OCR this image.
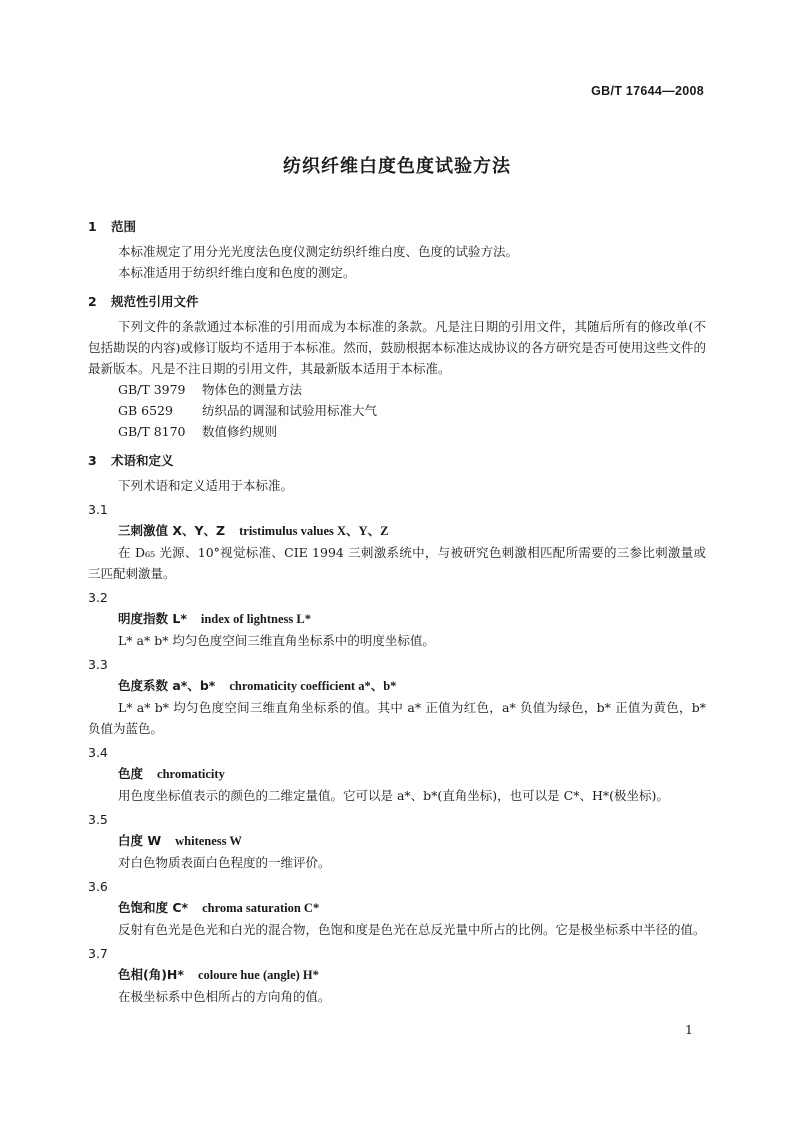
GB/T 17644—2008
纺织纤维白度色度试验方法
1 范围

本标准规定了用分光光度法色度仪测定纺织纤维白度、色度的试验方法。

本标准适用于纺织纤维白度和色度的测定。

2 规范性引用文件

下列文件的条款通过本标准的引用而成为本标准的条款。凡是注日期的引用文件，其随后所有的修改单(不包括勘误的内容)或修订版均不适用于本标准。然而，鼓励根据本标准达成协议的各方研究是否可使用这些文件的最新版本。凡是不注日期的引用文件，其最新版本适用于本标准。

GB/T 3979 物体色的测量方法
GB 6529 纺织品的调湿和试验用标准大气
GB/T 8170 数值修约规则
3 术语和定义

下列术语和定义适用于本标准。

3.1
三刺激值 X、Y、Z tristimulus values X、Y、Z

在 D₆₅ 光源、10°视觉标准、CIE 1994 三刺激系统中，与被研究色刺激相匹配所需要的三参比刺激量或三匹配刺激量。

3.2
明度指数 L* index of lightness L*

L* a* b* 均匀色度空间三维直角坐标系中的明度坐标值。

3.3
色度系数 a*、b* chromaticity coefficient a*、b*

L* a* b* 均匀色度空间三维直角坐标系的值。其中 a* 正值为红色，a* 负值为绿色，b* 正值为黄色，b* 负值为蓝色。

3.4
色度 chromaticity

用色度坐标值表示的颜色的二维定量值。它可以是 a*、b*(直角坐标)，也可以是 C*、H*(极坐标)。

3.5
白度 W whiteness W

对白色物质表面白色程度的一维评价。

3.6
色饱和度 C* chroma saturation C*

反射有色光是色光和白光的混合物，色饱和度是色光在总反光量中所占的比例。它是极坐标系中半径的值。

3.7
色相(角)H* coloure hue (angle) H*

在极坐标系中色相所占的方向角的值。

1
